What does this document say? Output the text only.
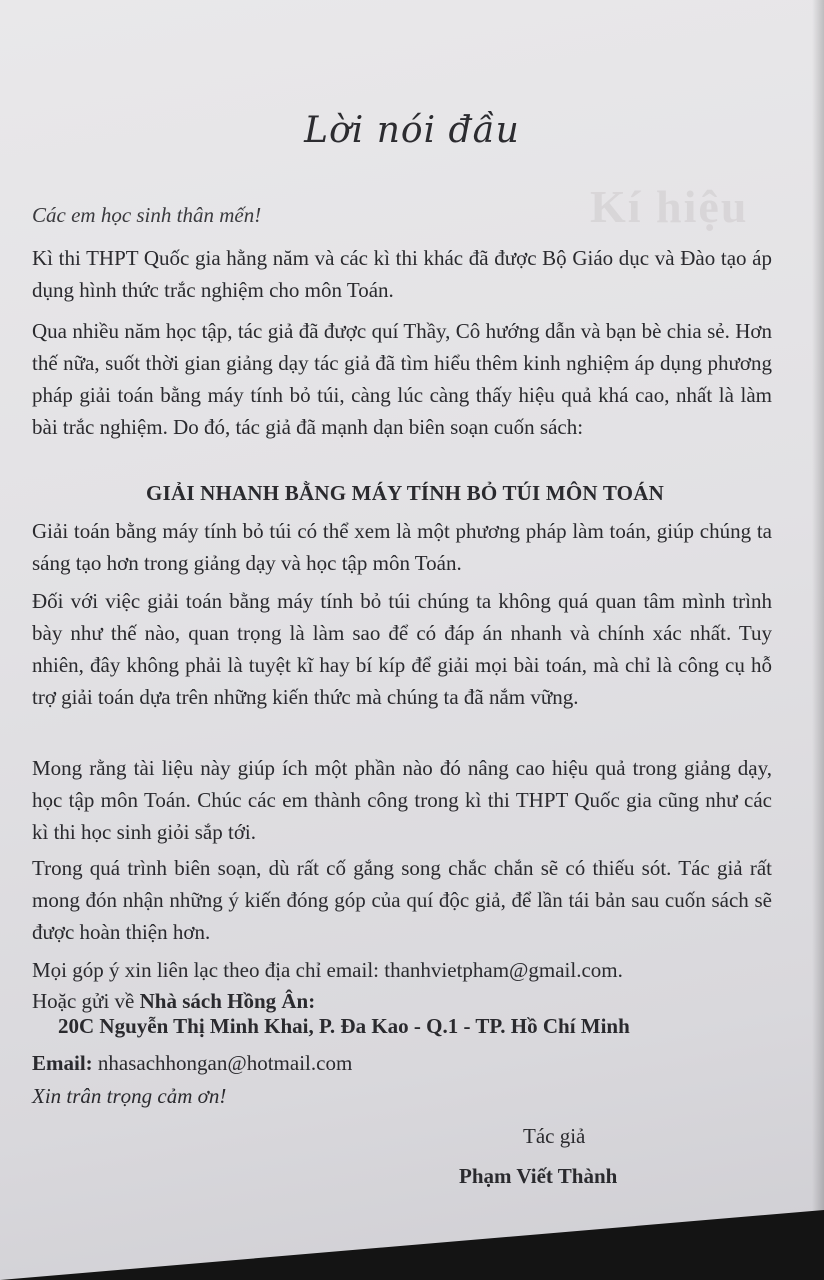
Kí hiệu
Lời nói đầu
Các em học sinh thân mến!
Kì thi THPT Quốc gia hằng năm và các kì thi khác đã được Bộ Giáo dục và Đào tạo áp dụng hình thức trắc nghiệm cho môn Toán.
Qua nhiều năm học tập, tác giả đã được quí Thầy, Cô hướng dẫn và bạn bè chia sẻ. Hơn thế nữa, suốt thời gian giảng dạy tác giả đã tìm hiểu thêm kinh nghiệm áp dụng phương pháp giải toán bằng máy tính bỏ túi, càng lúc càng thấy hiệu quả khá cao, nhất là làm bài trắc nghiệm. Do đó, tác giả đã mạnh dạn biên soạn cuốn sách:
GIẢI NHANH BẰNG MÁY TÍNH BỎ TÚI MÔN TOÁN
Giải toán bằng máy tính bỏ túi có thể xem là một phương pháp làm toán, giúp chúng ta sáng tạo hơn trong giảng dạy và học tập môn Toán.
Đối với việc giải toán bằng máy tính bỏ túi chúng ta không quá quan tâm mình trình bày như thế nào, quan trọng là làm sao để có đáp án nhanh và chính xác nhất. Tuy nhiên, đây không phải là tuyệt kĩ hay bí kíp để giải mọi bài toán, mà chỉ là công cụ hỗ trợ giải toán dựa trên những kiến thức mà chúng ta đã nắm vững.
Mong rằng tài liệu này giúp ích một phần nào đó nâng cao hiệu quả trong giảng dạy, học tập môn Toán. Chúc các em thành công trong kì thi THPT Quốc gia cũng như các kì thi học sinh giỏi sắp tới.
Trong quá trình biên soạn, dù rất cố gắng song chắc chắn sẽ có thiếu sót. Tác giả rất mong đón nhận những ý kiến đóng góp của quí độc giả, để lần tái bản sau cuốn sách sẽ được hoàn thiện hơn.
Mọi góp ý xin liên lạc theo địa chỉ email: thanhvietpham@gmail.com.
Hoặc gửi về Nhà sách Hồng Ân:
20C Nguyễn Thị Minh Khai, P. Đa Kao - Q.1 - TP. Hồ Chí Minh
Email: nhasachhongan@hotmail.com
Xin trân trọng cảm ơn!
Tác giả
Phạm Viết Thành
